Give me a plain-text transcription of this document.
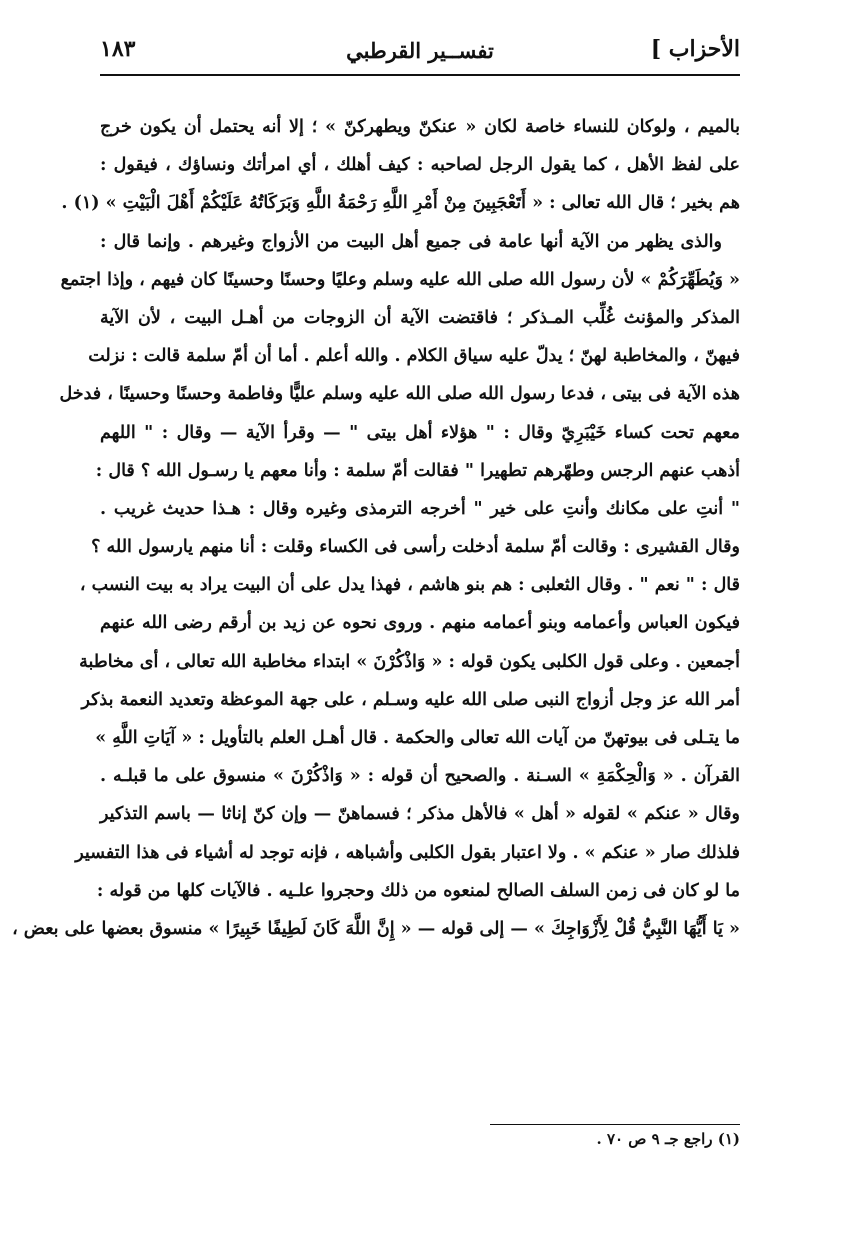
الأحزاب ]
تفســير القرطبي
١٨٣
بالميم ، ولوكان للنساء خاصة لكان « عنكنّ ويطهركنّ » ؛ إلا أنه يحتمل أن يكون خرج
على لفظ الأهل ، كما يقول الرجل لصاحبه : كيف أهلك ، أي امرأتك ونساؤك ، فيقول :
هم بخير ؛ قال الله تعالى : « أَتَعْجَبِينَ مِنْ أَمْرِ اللَّهِ رَحْمَةُ اللَّهِ وَبَرَكَاتُهُ عَلَيْكُمْ أَهْلَ الْبَيْتِ » (١) .
والذى يظهر من الآية أنها عامة فى جميع أهل البيت من الأزواج وغيرهم . وإنما قال :
« وَيُطَهِّرَكُمْ » لأن رسول الله صلى الله عليه وسلم وعليًا وحسنًا وحسينًا كان فيهم ، وإذا اجتمع
المذكر والمؤنث غُلِّب المـذكر ؛ فاقتضت الآية أن الزوجات من أهـل البيت ، لأن الآية
فيهنّ ، والمخاطبة لهنّ ؛ يدلّ عليه سياق الكلام . والله أعلم . أما أن أمّ سلمة قالت : نزلت
هذه الآية فى بيتى ، فدعا رسول الله صلى الله عليه وسلم عليًّا وفاطمة وحسنًا وحسينًا ، فدخل
معهم تحت كساء خَيْبَرِيّ وقال : " هؤلاء أهل بيتى " — وقرأ الآية — وقال : " اللهم
أذهب عنهم الرجس وطهّرهم تطهيرا " فقالت أمّ سلمة : وأنا معهم يا رسـول الله ؟ قال :
" أنتِ على مكانك وأنتِ على خير " أخرجه الترمذى وغيره وقال : هـذا حديث غريب .
وقال القشيرى : وقالت أمّ سلمة أدخلت رأسى فى الكساء وقلت : أنا منهم يارسول الله ؟
قال : " نعم " . وقال الثعلبى : هم بنو هاشم ، فهذا يدل على أن البيت يراد به بيت النسب ،
فيكون العباس وأعمامه وبنو أعمامه منهم . وروى نحوه عن زيد بن أرقم رضى الله عنهم
أجمعين . وعلى قول الكلبى يكون قوله : « وَاذْكُرْنَ » ابتداء مخاطبة الله تعالى ، أى مخاطبة
أمر الله عز وجل أزواج النبى صلى الله عليه وسـلم ، على جهة الموعظة وتعديد النعمة بذكر
ما يتـلى فى بيوتهنّ من آيات الله تعالى والحكمة . قال أهـل العلم بالتأويل : « آيَاتِ اللَّهِ »
القرآن . « وَالْحِكْمَةِ » السـنة . والصحيح أن قوله : « وَاذْكُرْنَ » منسوق على ما قبلـه .
وقال « عنكم » لقوله « أهل » فالأهل مذكر ؛ فسماهنّ — وإن كنّ إناثا — باسم التذكير
فلذلك صار « عنكم » . ولا اعتبار بقول الكلبى وأشباهه ، فإنه توجد له أشياء فى هذا التفسير
ما لو كان فى زمن السلف الصالح لمنعوه من ذلك وحجروا علـيه . فالآيات كلها من قوله :
« يَا أَيُّهَا النَّبِيُّ قُلْ لِأَزْوَاجِكَ » — إلى قوله — « إِنَّ اللَّهَ كَانَ لَطِيفًا خَبِيرًا » منسوق بعضها على بعض ،
(١) راجع جـ ٩ ص ٧٠ .
